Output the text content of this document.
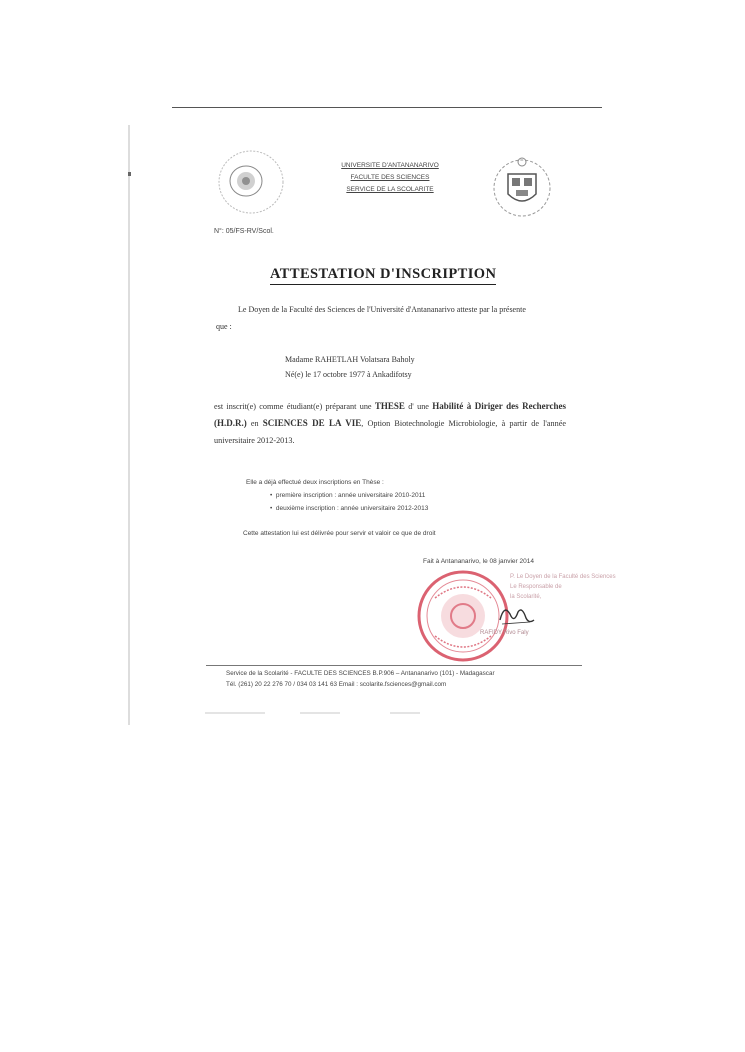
UNIVERSITE D'ANTANANARIVO
FACULTE DES SCIENCES
SERVICE DE LA SCOLARITE
N°: 05/FS-RV/Scol.
ATTESTATION D'INSCRIPTION
Le Doyen de la Faculté des Sciences de l'Université d'Antananarivo atteste par la présente
que :
Madame RAHETLAH Volatsara Baholy
Né(e) le 17 octobre 1977 à Ankadifotsy
est inscrit(e) comme étudiant(e) préparant une THESE d' une Habilité à Diriger des Recherches (H.D.R.) en SCIENCES DE LA VIE, Option Biotechnologie Microbiologie, à partir de l'année universitaire 2012-2013.
Elle a déjà effectué deux inscriptions en Thèse :
•  première inscription : année universitaire 2010-2011
•  deuxième inscription : année universitaire 2012-2013
Cette attestation lui est délivrée pour servir et valoir ce que de droit
Fait à Antananarivo, le 08 janvier 2014
P. Le Doyen de la Faculté des Sciences
Le Responsable de
la Scolarité,
RAFIDY Rivo Faly
Service de la Scolarité - FACULTE DES SCIENCES B.P.906 – Antananarivo (101) - Madagascar
Tél. (261) 20 22 276 70 / 034 03 141 63 Email : scolarite.fsciences@gmail.com
